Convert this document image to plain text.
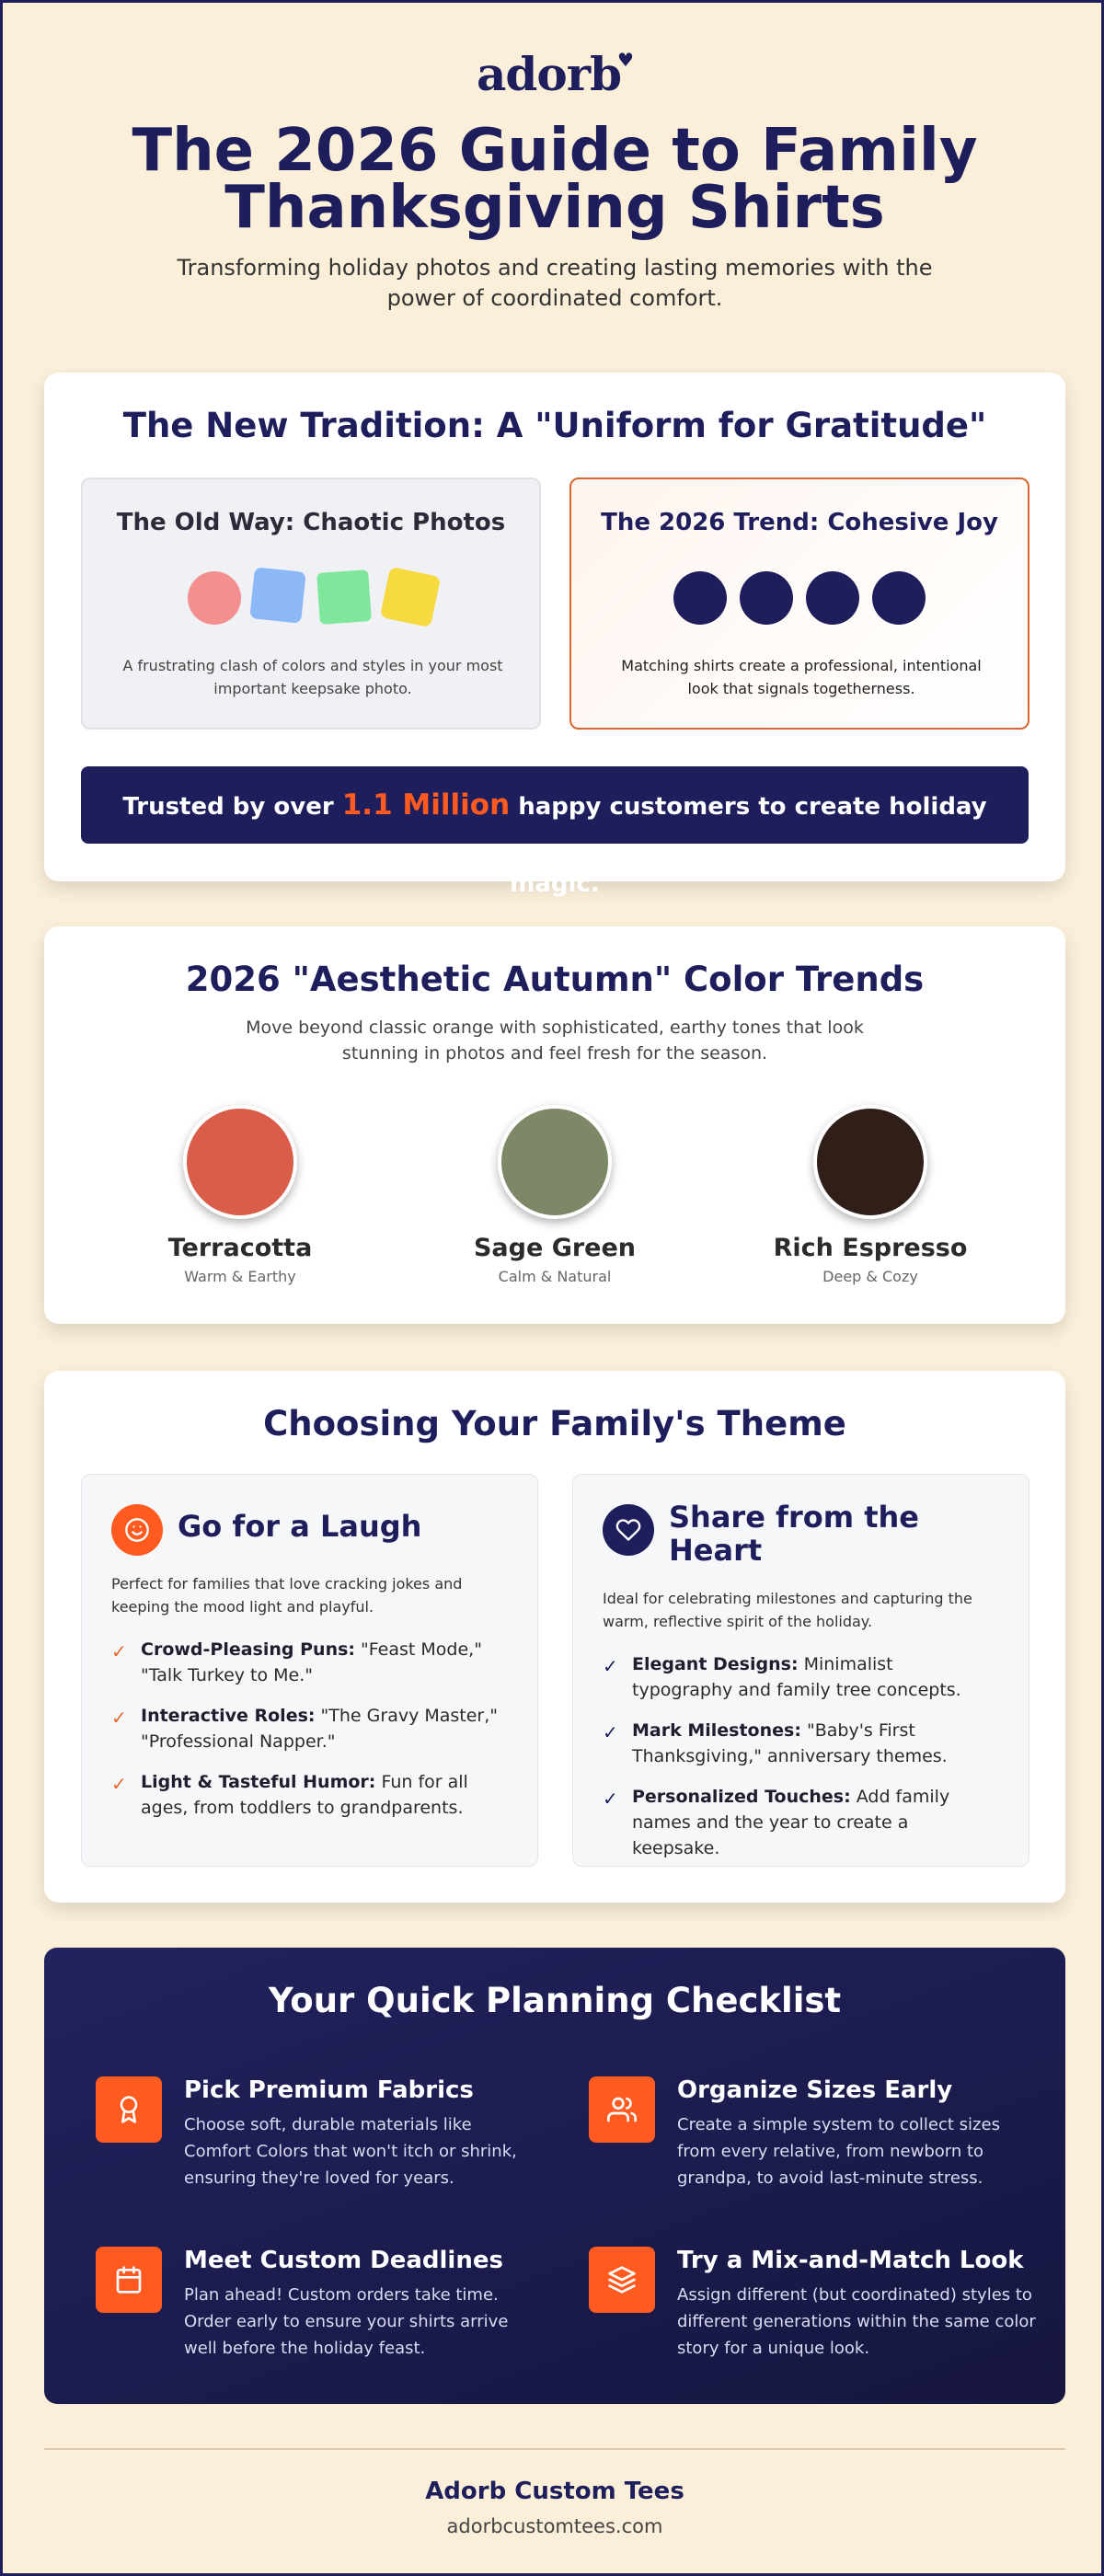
adorb♥
The 2026 Guide to Family Thanksgiving Shirts
Transforming holiday photos and creating lasting memories with the power of coordinated comfort.
The New Tradition: A "Uniform for Gratitude"
The Old Way: Chaotic Photos
A frustrating clash of colors and styles in your most important keepsake photo.
The 2026 Trend: Cohesive Joy
Matching shirts create a professional, intentional look that signals togetherness.
Trusted by over 1.1 Million happy customers to create holiday magic.
2026 "Aesthetic Autumn" Color Trends
Move beyond classic orange with sophisticated, earthy tones that look stunning in photos and feel fresh for the season.
Terracotta
Warm & Earthy
Sage Green
Calm & Natural
Rich Espresso
Deep & Cozy
Choosing Your Family's Theme
Go for a Laugh
Perfect for families that love cracking jokes and keeping the mood light and playful.
✓ Crowd-Pleasing Puns: "Feast Mode," "Talk Turkey to Me."
✓ Interactive Roles: "The Gravy Master," "Professional Napper."
✓ Light & Tasteful Humor: Fun for all ages, from toddlers to grandparents.
Share from the Heart
Ideal for celebrating milestones and capturing the warm, reflective spirit of the holiday.
✓ Elegant Designs: Minimalist typography and family tree concepts.
✓ Mark Milestones: "Baby's First Thanksgiving," anniversary themes.
✓ Personalized Touches: Add family names and the year to create a keepsake.
Your Quick Planning Checklist
Pick Premium Fabrics
Choose soft, durable materials like Comfort Colors that won't itch or shrink, ensuring they're loved for years.
Organize Sizes Early
Create a simple system to collect sizes from every relative, from newborn to grandpa, to avoid last-minute stress.
Meet Custom Deadlines
Plan ahead! Custom orders take time. Order early to ensure your shirts arrive well before the holiday feast.
Try a Mix-and-Match Look
Assign different (but coordinated) styles to different generations within the same color story for a unique look.
Adorb Custom Tees
adorbcustomtees.com
